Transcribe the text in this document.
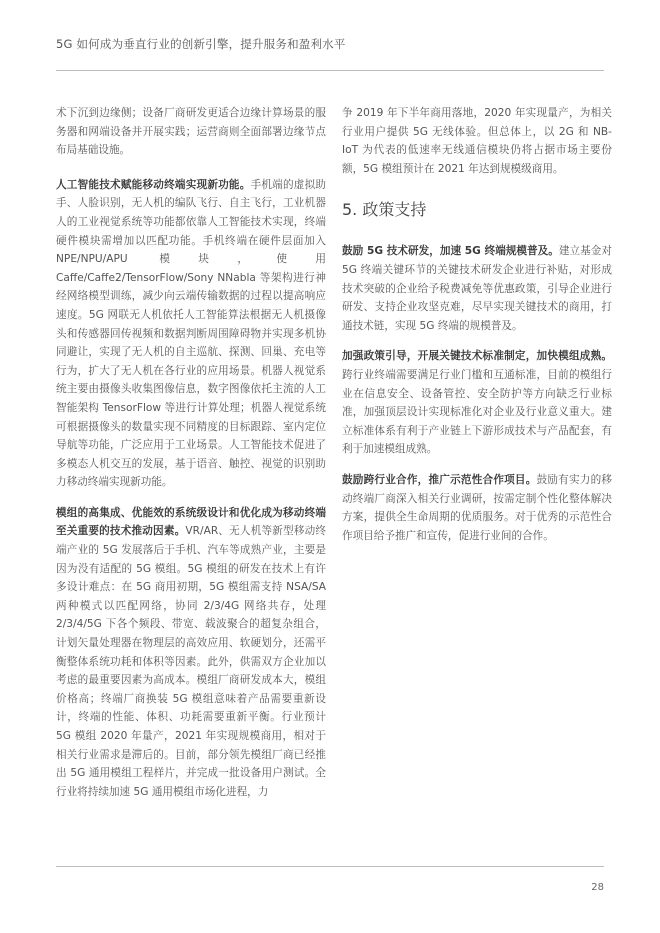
5G 如何成为垂直行业的创新引擎，提升服务和盈利水平

术下沉到边缘侧；设备厂商研发更适合边缘计算场景的服务器和网端设备并开展实践；运营商则全面部署边缘节点布局基础设施。

人工智能技术赋能移动终端实现新功能。手机端的虚拟助手、人脸识别，无人机的编队飞行、自主飞行，工业机器人的工业视觉系统等功能都依靠人工智能技术实现，终端硬件模块需增加以匹配功能。手机终端在硬件层面加入 NPE/NPU/APU 模块，使用 Caffe/Caffe2/TensorFlow/Sony NNabla 等架构进行神经网络模型训练，减少向云端传输数据的过程以提高响应速度。5G 网联无人机依托人工智能算法根据无人机摄像头和传感器回传视频和数据判断周围障碍物并实现多机协同避让，实现了无人机的自主巡航、探测、回巢、充电等行为，扩大了无人机在各行业的应用场景。机器人视觉系统主要由摄像头收集图像信息，数字图像依托主流的人工智能架构 TensorFlow 等进行计算处理；机器人视觉系统可根据摄像头的数量实现不同精度的目标跟踪、室内定位导航等功能，广泛应用于工业场景。人工智能技术促进了多模态人机交互的发展，基于语音、触控、视觉的识别助力移动终端实现新功能。

模组的高集成、优能效的系统级设计和优化成为移动终端至关重要的技术推动因素。VR/AR、无人机等新型移动终端产业的 5G 发展落后于手机、汽车等成熟产业，主要是因为没有适配的 5G 模组。5G 模组的研发在技术上有许多设计难点：在 5G 商用初期，5G 模组需支持 NSA/SA 两种模式以匹配网络，协同 2/3/4G 网络共存，处理 2/3/4/5G 下各个频段、带宽、载波聚合的超复杂组合，计划矢量处理器在物理层的高效应用、软硬划分，还需平衡整体系统功耗和体积等因素。此外，供需双方企业加以考虑的最重要因素为高成本。模组厂商研发成本大，模组价格高；终端厂商换装 5G 模组意味着产品需要重新设计，终端的性能、体积、功耗需要重新平衡。行业预计 5G 模组 2020 年量产，2021 年实现规模商用，相对于相关行业需求是滞后的。目前，部分领先模组厂商已经推出 5G 通用模组工程样片，并完成一批设备用户测试。全行业将持续加速 5G 通用模组市场化进程，力

争 2019 年下半年商用落地，2020 年实现量产，为相关行业用户提供 5G 无线体验。但总体上，以 2G 和 NB-IoT 为代表的低速率无线通信模块仍将占据市场主要份额，5G 模组预计在 2021 年达到规模级商用。

5. 政策支持

鼓励 5G 技术研发，加速 5G 终端规模普及。建立基金对 5G 终端关键环节的关键技术研发企业进行补贴，对形成技术突破的企业给予税费减免等优惠政策，引导企业进行研发、支持企业攻坚克难，尽早实现关键技术的商用，打通技术链，实现 5G 终端的规模普及。

加强政策引导，开展关键技术标准制定，加快模组成熟。跨行业终端需要满足行业门槛和互通标准，目前的模组行业在信息安全、设备管控、安全防护等方向缺乏行业标准，加强顶层设计实现标准化对企业及行业意义重大。建立标准体系有利于产业链上下游形成技术与产品配套，有利于加速模组成熟。

鼓励跨行业合作，推广示范性合作项目。鼓励有实力的移动终端厂商深入相关行业调研，按需定制个性化整体解决方案，提供全生命周期的优质服务。对于优秀的示范性合作项目给予推广和宣传，促进行业间的合作。

28
